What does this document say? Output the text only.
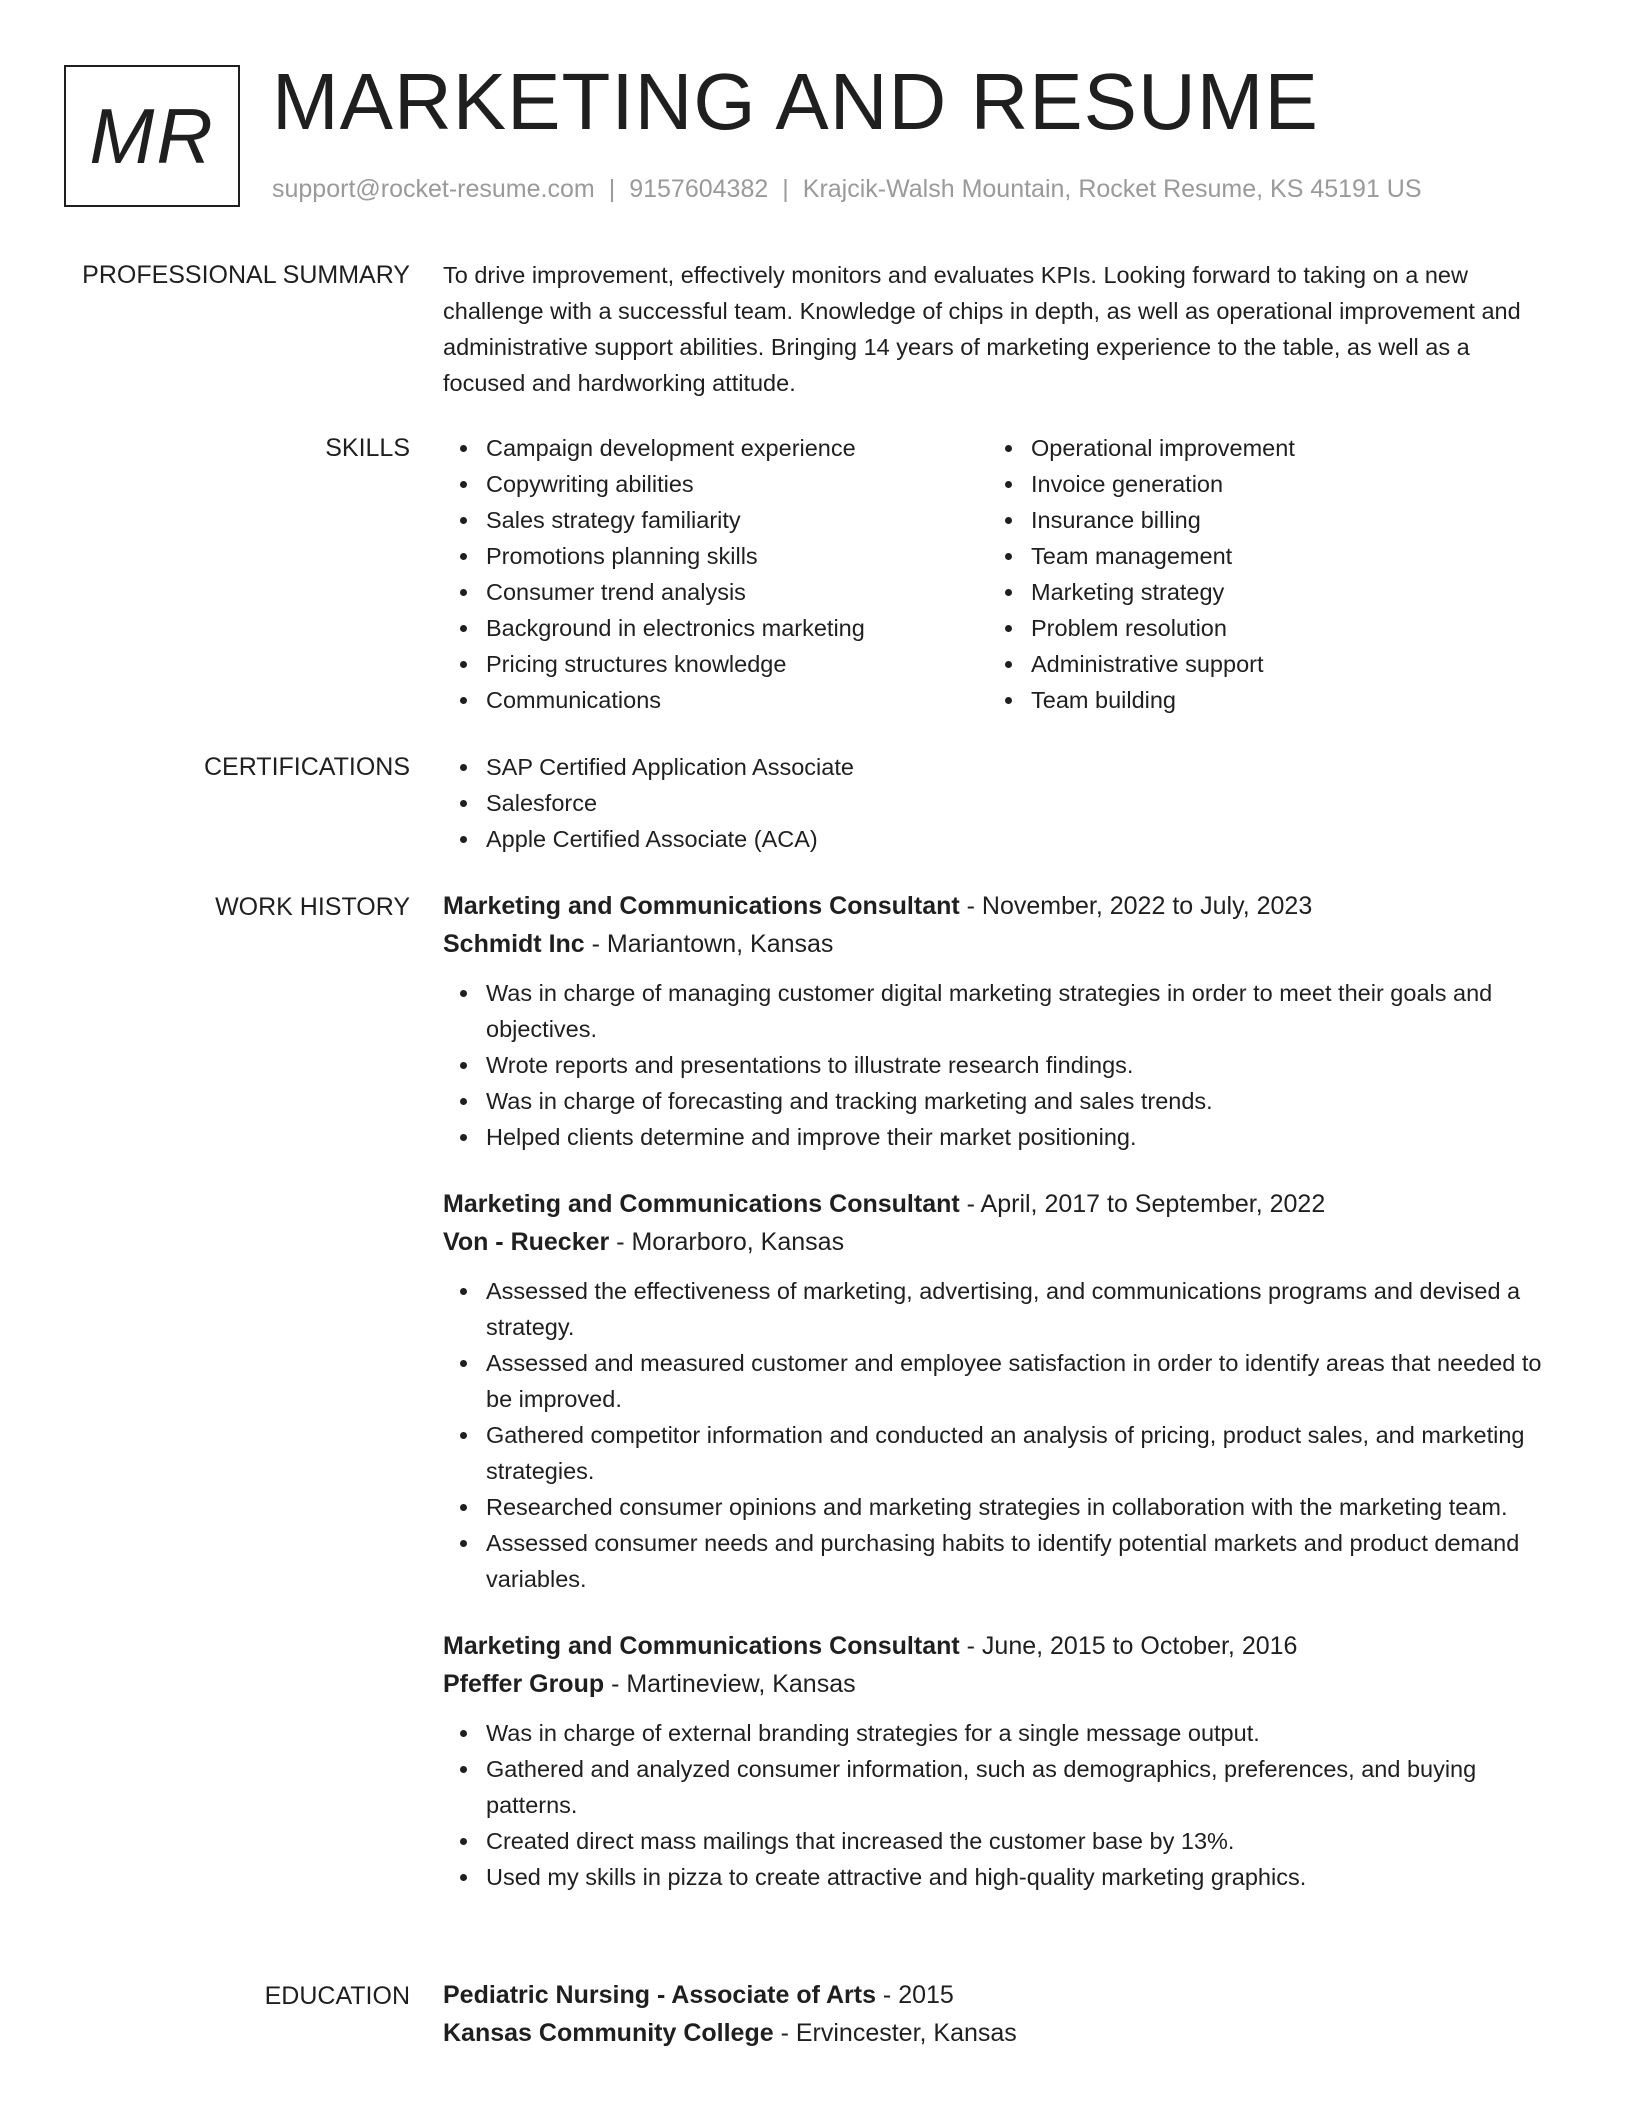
MR MARKETING AND RESUME
support@rocket-resume.com | 9157604382 | Krajcik-Walsh Mountain, Rocket Resume, KS 45191 US
PROFESSIONAL SUMMARY To drive improvement, effectively monitors and evaluates KPIs. Looking forward to taking on a new challenge with a successful team. Knowledge of chips in depth, as well as operational improvement and administrative support abilities. Bringing 14 years of marketing experience to the table, as well as a focused and hardworking attitude.

SKILLS	Campaign development experience
Copywriting abilities
Sales strategy familiarity
Promotions planning skills
Consumer trend analysis
Background in electronics marketing
Pricing structures knowledge
Communications
Operational improvement
Invoice generation
Insurance billing
Team management
Marketing strategy
Problem resolution
Administrative support
Team building
CERTIFICATIONS	SAP Certified Application Associate
Salesforce
Apple Certified Associate (ACA)
WORK HISTORY Marketing and Communications Consultant - November, 2022 to July, 2023
Schmidt Inc - Mariantown, Kansas
Was in charge of managing customer digital marketing strategies in order to meet their goals and objectives.
Wrote reports and presentations to illustrate research findings.
Was in charge of forecasting and tracking marketing and sales trends.
Helped clients determine and improve their market positioning.
Marketing and Communications Consultant - April, 2017 to September, 2022
Von - Ruecker - Morarboro, Kansas
Assessed the effectiveness of marketing, advertising, and communications programs and devised a strategy.
Assessed and measured customer and employee satisfaction in order to identify areas that needed to be improved.
Gathered competitor information and conducted an analysis of pricing, product sales, and marketing strategies.
Researched consumer opinions and marketing strategies in collaboration with the marketing team.
Assessed consumer needs and purchasing habits to identify potential markets and product demand variables.
Marketing and Communications Consultant - June, 2015 to October, 2016
Pfeffer Group - Martineview, Kansas
Was in charge of external branding strategies for a single message output.
Gathered and analyzed consumer information, such as demographics, preferences, and buying patterns.
Created direct mass mailings that increased the customer base by 13%.
Used my skills in pizza to create attractive and high-quality marketing graphics.
EDUCATION Pediatric Nursing - Associate of Arts - 2015
Kansas Community College - Ervincester, Kansas
